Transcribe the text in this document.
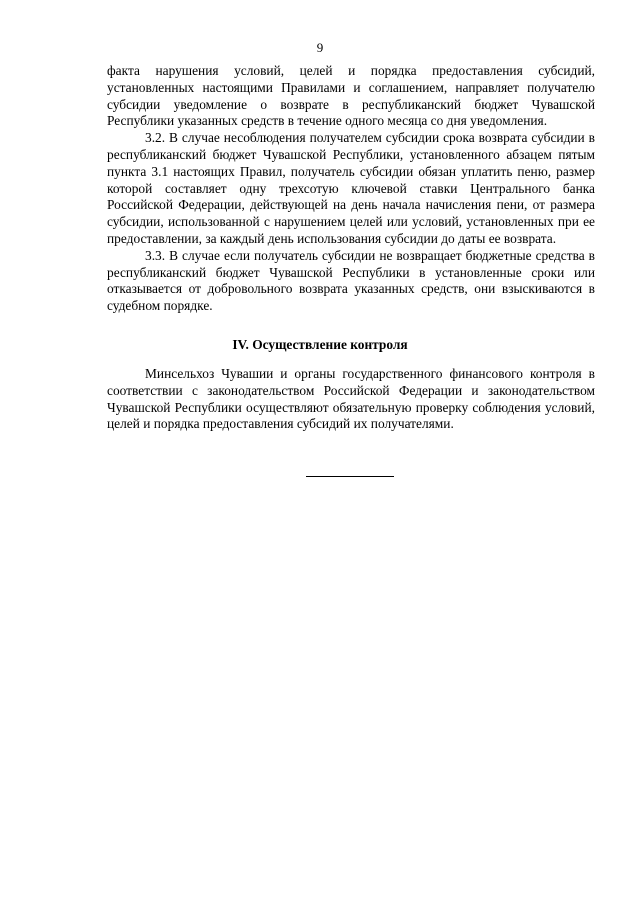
9

факта нарушения условий, целей и порядка предоставления субсидий, установленных настоящими Правилами и соглашением, направляет получателю субсидии уведомление о возврате в республиканский бюджет Чувашской Республики указанных средств в течение одного месяца со дня уведомления.

3.2. В случае несоблюдения получателем субсидии срока возврата субсидии в республиканский бюджет Чувашской Республики, установленного абзацем пятым пункта 3.1 настоящих Правил, получатель субсидии обязан уплатить пеню, размер которой составляет одну трехсотую ключевой ставки Центрального банка Российской Федерации, действующей на день начала начисления пени, от размера субсидии, использованной с нарушением целей или условий, установленных при ее предоставлении, за каждый день использования субсидии до даты ее возврата.

3.3. В случае если получатель субсидии не возвращает бюджетные средства в республиканский бюджет Чувашской Республики в установленные сроки или отказывается от добровольного возврата указанных средств, они взыскиваются в судебном порядке.

IV. Осуществление контроля

Минсельхоз Чувашии и органы государственного финансового контроля в соответствии с законодательством Российской Федерации и законодательством Чувашской Республики осуществляют обязательную проверку соблюдения условий, целей и порядка предоставления субсидий их получателями.
